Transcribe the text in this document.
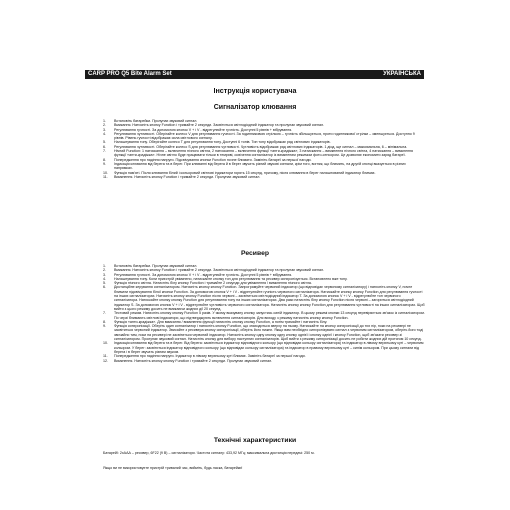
CARP PRO Q5 Bite Alarm Set	УКРАЇНСЬКА
Інструкція користувача
Сигналізатор клювання
1. Встановіть батарейки. Пролунає звуковий сигнал.
2. Вмикання. Натисніть кнопку Function і тримайте 2 секунди. Засвітиться світлодіодний індикатор та пролунає звуковий сигнал.
3. Регулювання гучності. За допомогою кнопок V + і V - відрегулюйте гучність. Доступні 5 рівнів + вібрування.
4. Регулювання чутливості. Оберігайте колесо V для регулювання гучності. За годинниковою стрілкою – гучність збільшується, проти годинникової стрілки – зменшується. Доступно 9 рівнів. Рівень гучності відображає сила світлового сигналу.
5. Налаштування тону. Оберігайте колесо T для регулювання тону. Доступні 6 тонів. Тип тону відображає ряд світлових індикаторів.
6. Регулювання чутливості. Оберігайте колесо S для регулювання чутливості. Чутливість відображає ряд світлових індикаторів. 1 діод, ще сигнал – максимальна, 6 – мінімальна.
7. Нічний Function: 1 натискання – включення нічного світла, 2 натискання – включення функції «анти-крадіжка», 3 натискання – вимкнення нічного світла, 4 натискання – вимкнення функції «анти-крадіжка». Нічне світло буде працювати тільки в темряві, освічення сигналізатор із вимкненим режимом фото-сенсором. Це дозволяє економити заряд батареї.
8. Попередження про падіння напруги. Підсвічування кнопки Function почне блимати. Замініть батареї за першої нагоди.
9. Індикація клювання від берега та в берег. При клюванні від берега й в берег звучить різний звукові сигнали, крім того, вогник, що блимить, на другій кнопці вказується в різних напрямках.
10. Функція пам'яті. Після клювання білий і кольоровий світлові індикатори горять 15 секунд, причому, після клювання в берег налаштований індикатор блимає.
11. Вимкнення. Натисніть кнопку Function і тримайте 2 секунди. Пролунає звуковий сигнал.
Ресивер
1. Встановіть батарейки. Пролунає звуковий сигнал.
2. Вмикання. Натисніть кнопку Function і тримайте 2 секунди. Засвітиться світлодіодний індикатор та пролунає звуковий сигнал.
3. Регулювання гучності. За допомогою кнопок V + і V - відрегулюйте гучність. Доступні 5 рівнів + вібрування.
4. Налаштування тону. Коли приєстрій увімкнено, натискайте кнопку тон для регулювання та ресивер синхронізується. Встановлено вже тону.
5. Функція нічного світла. Натисніть білу кнопку Function і тримайте 2 секунди для увімкнення / вимкнення нічного світла.
6. Дистанційне керування сигналізатором. Натисніть кнопку кнопку Function. Запрограмуйте червоний індикатор (що відповідає червоному сигналізатору) і натисніть кнопку V, почне блимати підсвічування білої кнопки Function. За допомогою кнопок V + і V - відрегулюйте гучність червоного сигналізатора. Натискайте кнопку кнопку Function для регулювання гучності на інших сигналізаторах. Натисніть кнопку кнопку Function після червоні – засвітиться світлодіодний індикатор T. За допомогою кнопок V + і V - відрегулюйте тон червоного сигналізатора. Натискайте кнопку кнопку Function для регулювання тону на інших сигналізаторах. Два рази натисніть білу кнопку Function після червоні – загориться світлодіодний індикатор S. За допомогою кнопок V + і V - відрегулюйте чутливість червоного сигналізатора. Натисніть кнопку кнопку Function для регулювання чутливості на інших сигналізаторах. Щоб вийти з цього режиму досить не вмикаючи жодних дії 20 секунд.
7. Тестовий режим. Натисніть кнопку кнопку Function 5 разів. У якому вказувану кнопку запустись синій індикатор. В цьому режимі кнопки 13 секунд перевіряється зв'язок із сигналізатором. По черзі блимають світлові індикатори, що підтверджують включення сигналізаторів. Для виходу з режиму натисніть кнопку кнопку Function.
8. Функція «анти-крадіжка». Для вмикання / вимкнення функції натисніть кнопку кнопку Function, а потім тримайте і натисніть білу.
9. Функція синхронізації. Оберіть один сигналізатор і натисніть кнопку Function, що знаходиться зверху на ньому. Натискайте на кнопку синхронізації до тих пір, поки на ресивері не засвітиться червоний індикатор. Звисайте з ресивера кнопку синхронізації, оберіть його нижнє. Якщо вам необхідно синхронізувати сигнал з червоним сигналізатором, оберіть його тоді звичайно тим, поки на ресивері не засвітиться червоний індикатор. Натисніть кнопку одну кнопку одну кнопку однієї і кнопку однієї і кнопку Function, щоб зв'язати ресивер зі сигналізатором. Пролунає звуковий сигнал. Натисніть кнопку для вибору наступних сигналізаторів. Щоб вийти з режиму синхронізації досить не робити жодних дій протягом 10 секунд.
10. Індикація клювання від берега та в берег. Від берега: засвітиться індикатор відповідного кольору (що відповідає кольору сигналізатора) та індикатор в лівому верхньому куті – червоним кольором. У берег: засвітиться індикатор відповідного кольору (що відповідає кольору сигналізатора) та індикатор в правому верхньому куті – синім кольором. При цьому сигнали від берега і в берег звучать різним звуком.
11. Попередження про падіння напруги. Індикатор в лівому верхньому куті блимає. Замініть батареї за першої нагоди.
12. Вимкнення. Натисніть кнопку кнопку Function і тримайте 2 секунди. Пролунає звуковий сигнал.
Технічні характеристики
Батарейї: 2хААА – ресивер, 6F22 (9 В) – сигналізатори. Частота сигналу: 433,92 МГц; максимальна дистанція передачі: 250 м.
Якщо ви не використовуєте пристрій тривалий час, вийміть, будь ласка, батарейки!
